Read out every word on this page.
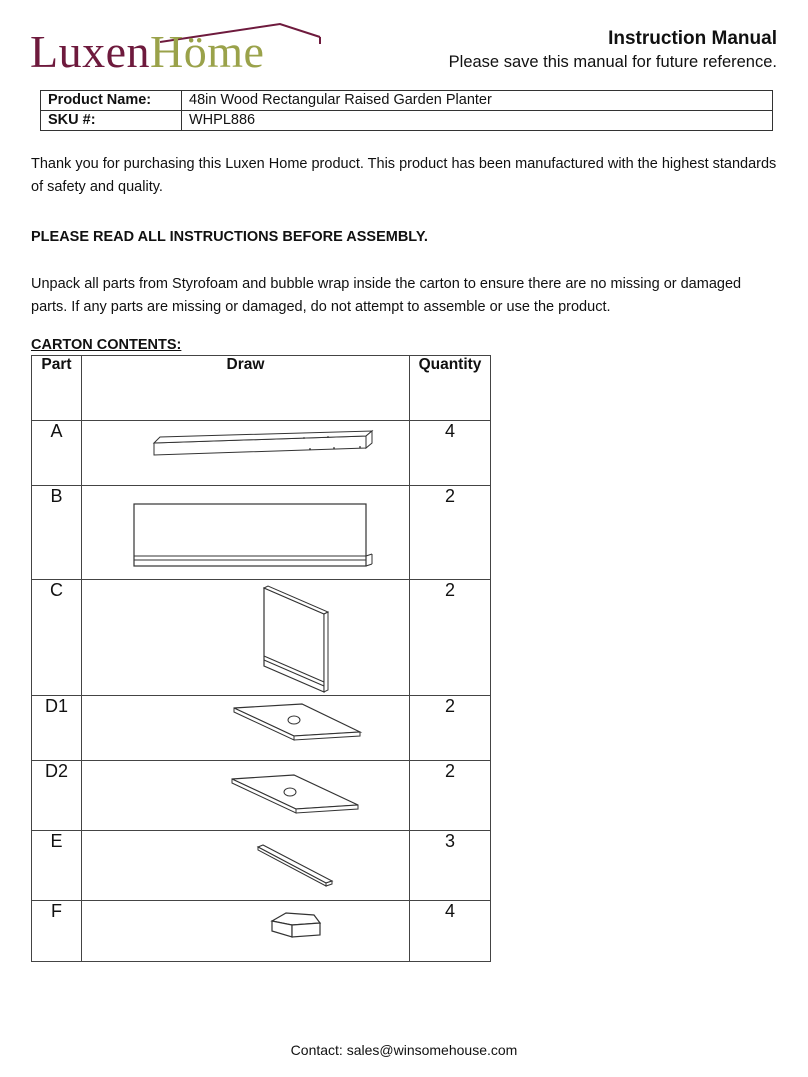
LuxenHöme	Instruction Manual
Please save this manual for future reference.
Product Name:	48in Wood Rectangular Raised Garden Planter
SKU #:	WHPL886
Thank you for purchasing this Luxen Home product. This product has been manufactured with the highest standards of safety and quality.
PLEASE READ ALL INSTRUCTIONS BEFORE ASSEMBLY.
Unpack all parts from Styrofoam and bubble wrap inside the carton to ensure there are no missing or damaged parts. If any parts are missing or damaged, do not attempt to assemble or use the product.
CARTON CONTENTS:
Part	Draw	Quantity
A		4
B		2
C		2
D1		2
D2		2
E		3
F		4
Contact: sales@winsomehouse.com
